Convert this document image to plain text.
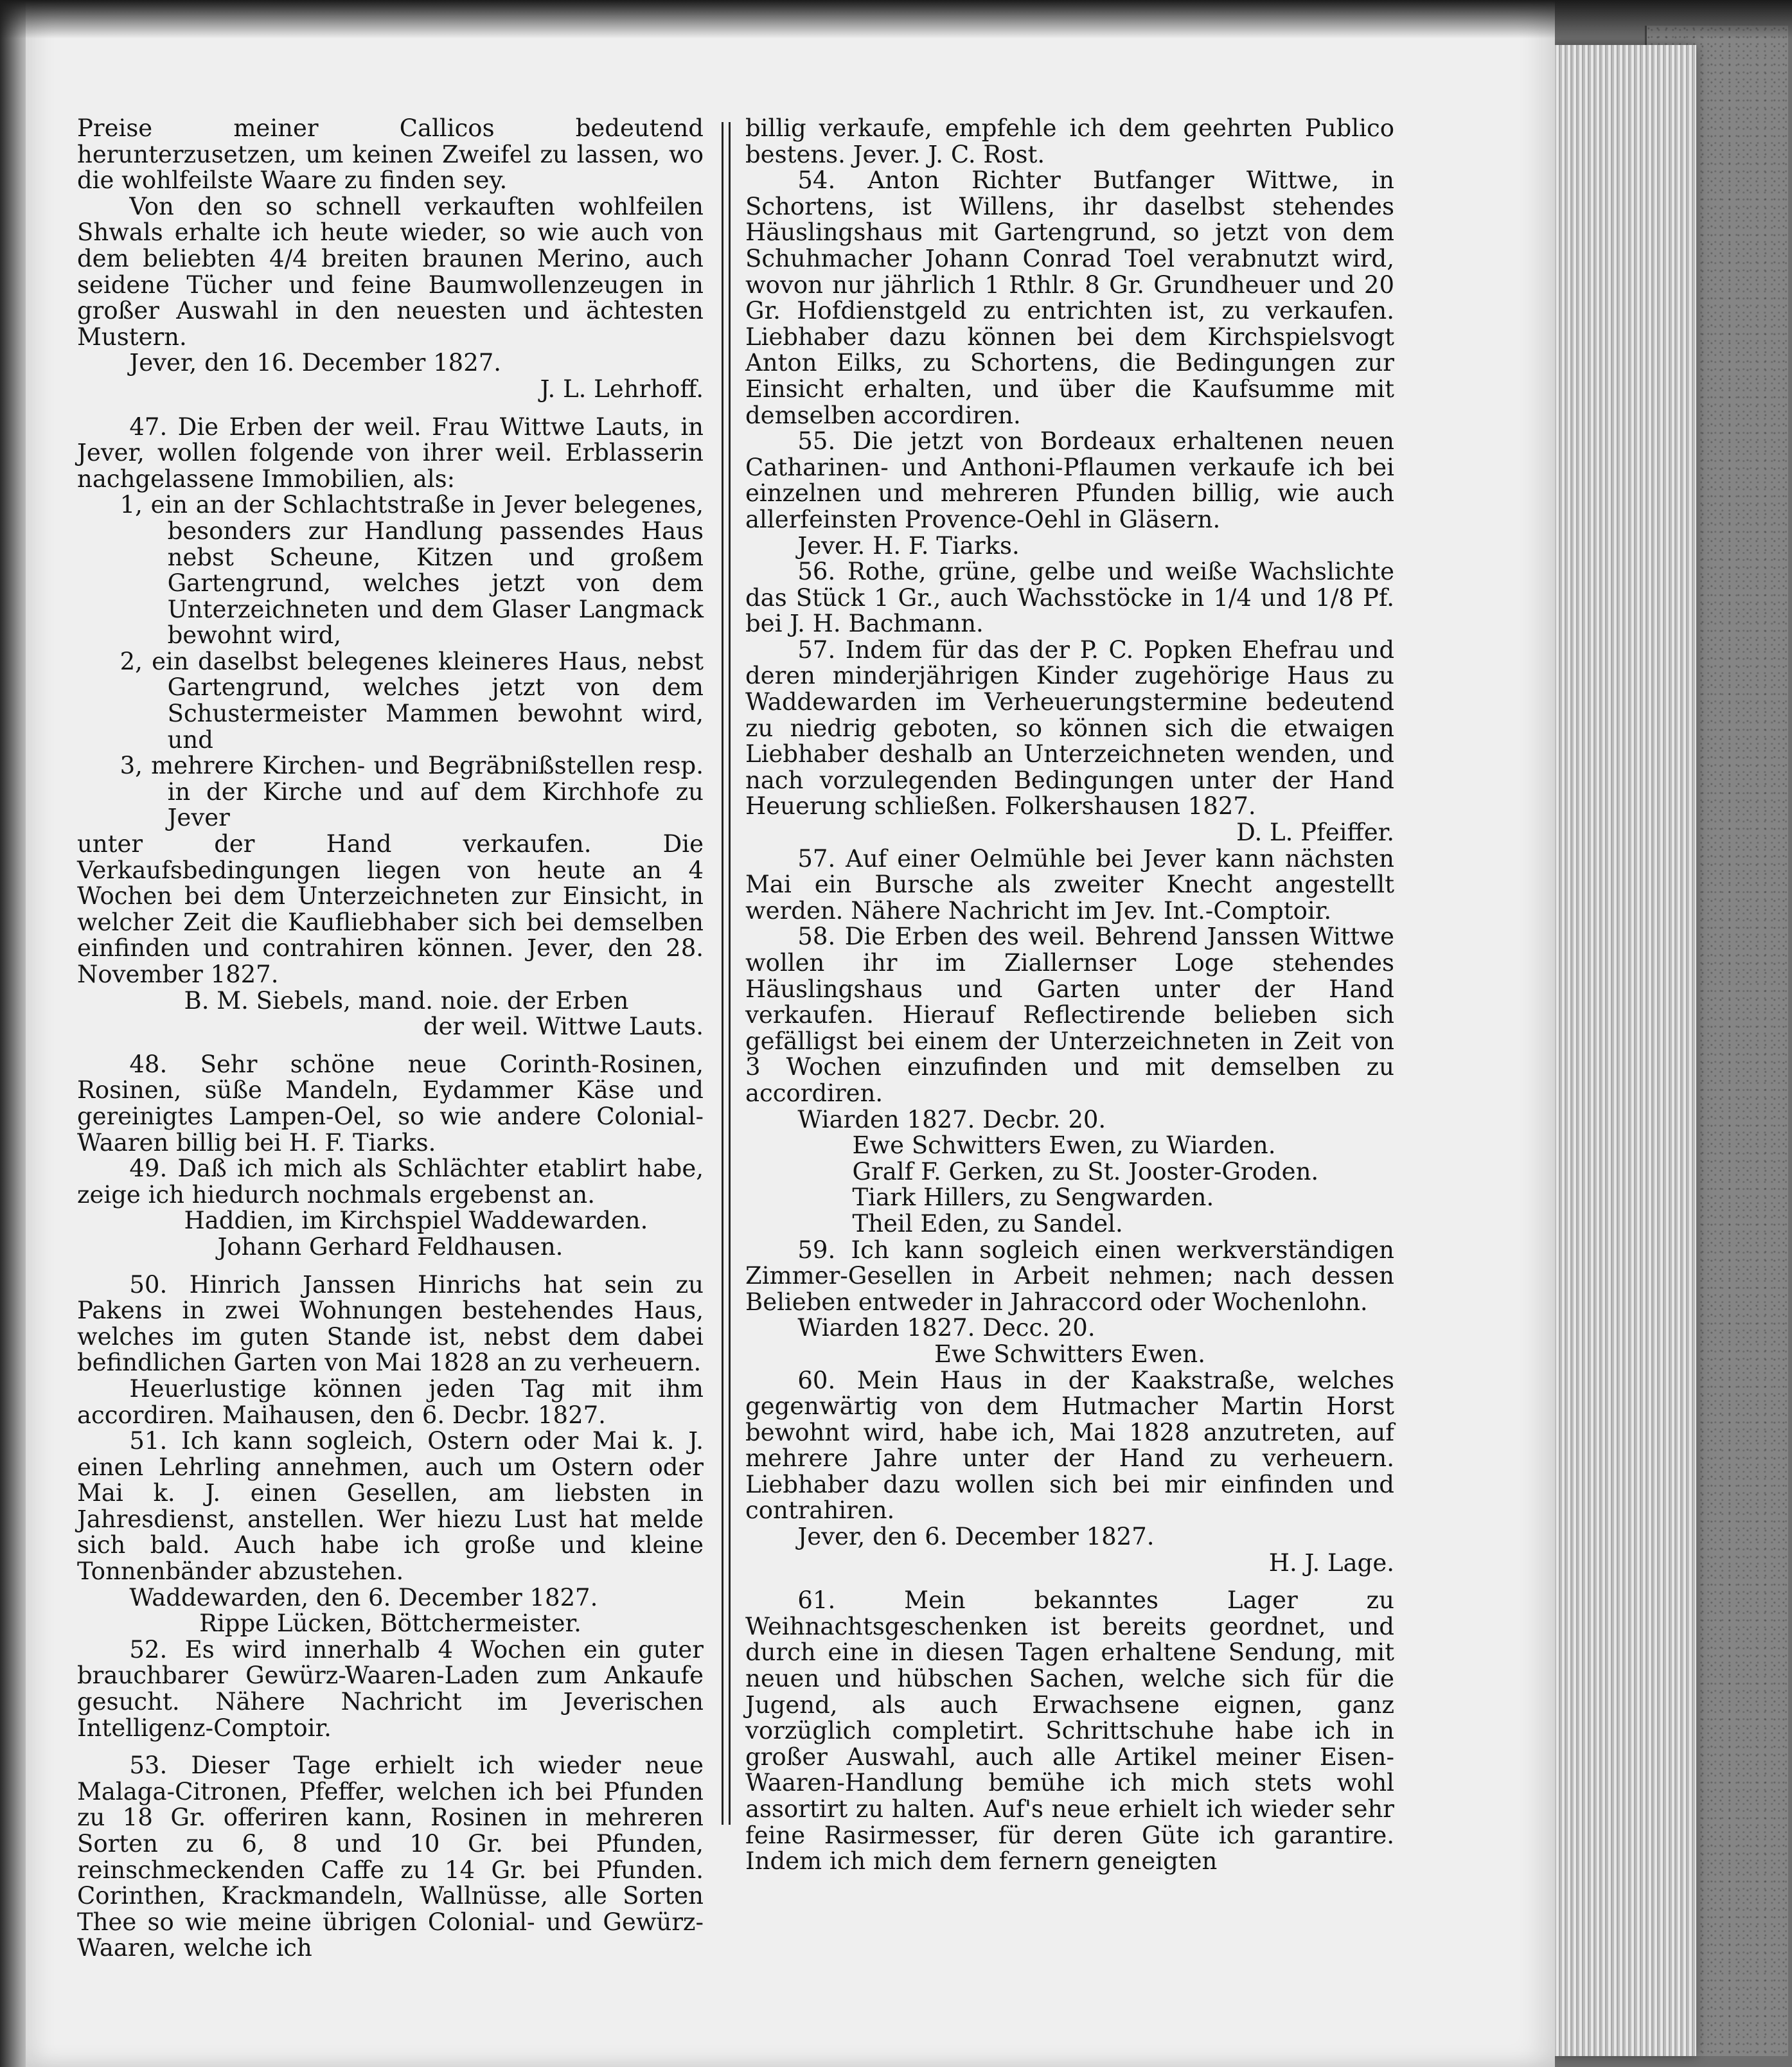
Preise meiner Callicos bedeutend herunterzusetzen, um keinen Zweifel zu lassen, wo die wohlfeilste Waare zu finden sey.

Von den so schnell verkauften wohlfeilen Shwals erhalte ich heute wieder, so wie auch von dem beliebten 4/4 breiten braunen Merino, auch seidene Tücher und feine Baumwollenzeugen in großer Auswahl in den neuesten und ächtesten Mustern.

Jever, den 16. December 1827.

J. L. Lehrhoff.

47. Die Erben der weil. Frau Wittwe Lauts, in Jever, wollen folgende von ihrer weil. Erblasserin nachgelassene Immobilien, als:

1, ein an der Schlachtstraße in Jever belegenes, besonders zur Handlung passendes Haus nebst Scheune, Kitzen und großem Gartengrund, welches jetzt von dem Unterzeichneten und dem Glaser Langmack bewohnt wird,

2, ein daselbst belegenes kleineres Haus, nebst Gartengrund, welches jetzt von dem Schustermeister Mammen bewohnt wird, und

3, mehrere Kirchen- und Begräbnißstellen resp. in der Kirche und auf dem Kirchhofe zu Jever

unter der Hand verkaufen. Die Verkaufsbedingungen liegen von heute an 4 Wochen bei dem Unterzeichneten zur Einsicht, in welcher Zeit die Kaufliebhaber sich bei demselben einfinden und contrahiren können. Jever, den 28. November 1827.

B. M. Siebels, mand. noie. der Erben

der weil. Wittwe Lauts.

48. Sehr schöne neue Corinth-Rosinen, Rosinen, süße Mandeln, Eydammer Käse und gereinigtes Lampen-Oel, so wie andere Colonial-Waaren billig bei H. F. Tiarks.

49. Daß ich mich als Schlächter etablirt habe, zeige ich hiedurch nochmals ergebenst an.

Haddien, im Kirchspiel Waddewarden.

Johann Gerhard Feldhausen.

50. Hinrich Janssen Hinrichs hat sein zu Pakens in zwei Wohnungen bestehendes Haus, welches im guten Stande ist, nebst dem dabei befindlichen Garten von Mai 1828 an zu verheuern.

Heuerlustige können jeden Tag mit ihm accordiren. Maihausen, den 6. Decbr. 1827.

51. Ich kann sogleich, Ostern oder Mai k. J. einen Lehrling annehmen, auch um Ostern oder Mai k. J. einen Gesellen, am liebsten in Jahresdienst, anstellen. Wer hiezu Lust hat melde sich bald. Auch habe ich große und kleine Tonnenbänder abzustehen.

Waddewarden, den 6. December 1827.

Rippe Lücken, Böttchermeister.

52. Es wird innerhalb 4 Wochen ein guter brauchbarer Gewürz-Waaren-Laden zum Ankaufe gesucht. Nähere Nachricht im Jeverischen Intelligenz-Comptoir.

53. Dieser Tage erhielt ich wieder neue Malaga-Citronen, Pfeffer, welchen ich bei Pfunden zu 18 Gr. offeriren kann, Rosinen in mehreren Sorten zu 6, 8 und 10 Gr. bei Pfunden, reinschmeckenden Caffe zu 14 Gr. bei Pfunden. Corinthen, Krackmandeln, Wallnüsse, alle Sorten Thee so wie meine übrigen Colonial- und Gewürz-Waaren, welche ich

billig verkaufe, empfehle ich dem geehrten Publico bestens. Jever. J. C. Rost.

54. Anton Richter Butfanger Wittwe, in Schortens, ist Willens, ihr daselbst stehendes Häuslingshaus mit Gartengrund, so jetzt von dem Schuhmacher Johann Conrad Toel verabnutzt wird, wovon nur jährlich 1 Rthlr. 8 Gr. Grundheuer und 20 Gr. Hofdienstgeld zu entrichten ist, zu verkaufen. Liebhaber dazu können bei dem Kirchspielsvogt Anton Eilks, zu Schortens, die Bedingungen zur Einsicht erhalten, und über die Kaufsumme mit demselben accordiren.

55. Die jetzt von Bordeaux erhaltenen neuen Catharinen- und Anthoni-Pflaumen verkaufe ich bei einzelnen und mehreren Pfunden billig, wie auch allerfeinsten Provence-Oehl in Gläsern.

Jever. H. F. Tiarks.

56. Rothe, grüne, gelbe und weiße Wachslichte das Stück 1 Gr., auch Wachsstöcke in 1/4 und 1/8 Pf. bei J. H. Bachmann.

57. Indem für das der P. C. Popken Ehefrau und deren minderjährigen Kinder zugehörige Haus zu Waddewarden im Verheuerungstermine bedeutend zu niedrig geboten, so können sich die etwaigen Liebhaber deshalb an Unterzeichneten wenden, und nach vorzulegenden Bedingungen unter der Hand Heuerung schließen. Folkershausen 1827.

D. L. Pfeiffer.

57. Auf einer Oelmühle bei Jever kann nächsten Mai ein Bursche als zweiter Knecht angestellt werden. Nähere Nachricht im Jev. Int.-Comptoir.

58. Die Erben des weil. Behrend Janssen Wittwe wollen ihr im Ziallernser Loge stehendes Häuslingshaus und Garten unter der Hand verkaufen. Hierauf Reflectirende belieben sich gefälligst bei einem der Unterzeichneten in Zeit von 3 Wochen einzufinden und mit demselben zu accordiren.

Wiarden 1827. Decbr. 20.

Ewe Schwitters Ewen, zu Wiarden.

Gralf F. Gerken, zu St. Jooster-Groden.

Tiark Hillers, zu Sengwarden.

Theil Eden, zu Sandel.

59. Ich kann sogleich einen werkverständigen Zimmer-Gesellen in Arbeit nehmen; nach dessen Belieben entweder in Jahraccord oder Wochenlohn.

Wiarden 1827. Decc. 20.

Ewe Schwitters Ewen.

60. Mein Haus in der Kaakstraße, welches gegenwärtig von dem Hutmacher Martin Horst bewohnt wird, habe ich, Mai 1828 anzutreten, auf mehrere Jahre unter der Hand zu verheuern. Liebhaber dazu wollen sich bei mir einfinden und contrahiren.

Jever, den 6. December 1827.

H. J. Lage.

61. Mein bekanntes Lager zu Weihnachtsgeschenken ist bereits geordnet, und durch eine in diesen Tagen erhaltene Sendung, mit neuen und hübschen Sachen, welche sich für die Jugend, als auch Erwachsene eignen, ganz vorzüglich completirt. Schrittschuhe habe ich in großer Auswahl, auch alle Artikel meiner Eisen-Waaren-Handlung bemühe ich mich stets wohl assortirt zu halten. Auf's neue erhielt ich wieder sehr feine Rasirmesser, für deren Güte ich garantire. Indem ich mich dem fernern geneigten
